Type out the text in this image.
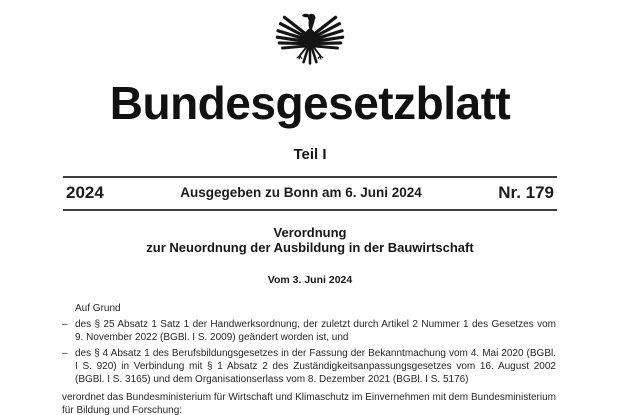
Bundesgesetzblatt
Teil I
2024	Ausgegeben zu Bonn am 6. Juni 2024	Nr. 179
Verordnung
zur Neuordnung der Ausbildung in der Bauwirtschaft
Vom 3. Juni 2024

Auf Grund

– des § 25 Absatz 1 Satz 1 der Handwerksordnung, der zuletzt durch Artikel 2 Nummer 1 des Gesetzes vom 9. November 2022 (BGBl. I S. 2009) geändert worden ist, und
– des § 4 Absatz 1 des Berufsbildungsgesetzes in der Fassung der Bekanntmachung vom 4. Mai 2020 (BGBl. I S. 920) in Verbindung mit § 1 Absatz 2 des Zuständigkeitsanpassungsgesetzes vom 16. August 2002 (BGBl. I S. 3165) und dem Organisationserlass vom 8. Dezember 2021 (BGBl. I S. 5176)

verordnet das Bundesministerium für Wirtschaft und Klimaschutz im Einvernehmen mit dem Bundesministerium für Bildung und Forschung:
